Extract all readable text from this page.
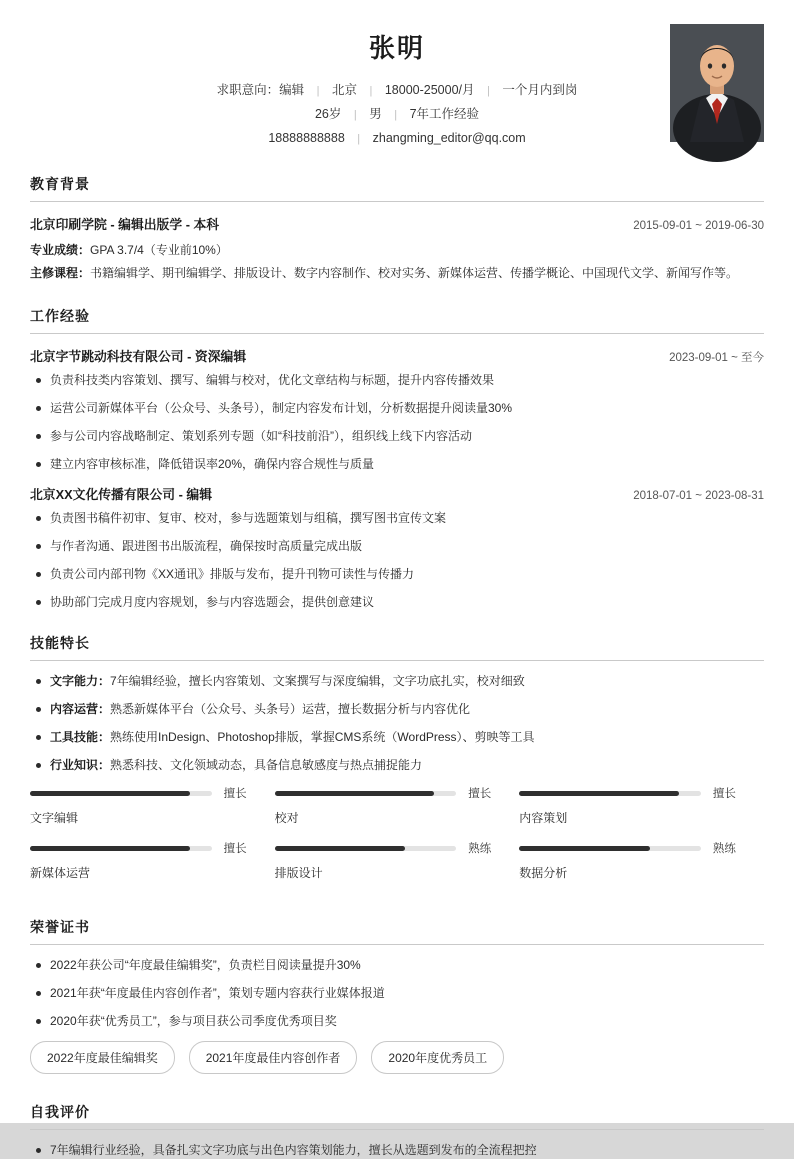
张明
求职意向：编辑 | 北京 | 18000-25000/月 | 一个月内到岗
26岁 | 男 | 7年工作经验
18888888888 | zhangming_editor@qq.com
教育背景
北京印刷学院 - 编辑出版学 - 本科	2015-09-01 ~ 2019-06-30
专业成绩：GPA 3.7/4（专业前10%）
主修课程：书籍编辑学、期刊编辑学、排版设计、数字内容制作、校对实务、新媒体运营、传播学概论、中国现代文学、新闻写作等。
工作经验
北京字节跳动科技有限公司 - 资深编辑	2023-09-01 ~ 至今
负责科技类内容策划、撰写、编辑与校对，优化文章结构与标题，提升内容传播效果
运营公司新媒体平台（公众号、头条号），制定内容发布计划，分析数据提升阅读量30%
参与公司内容战略制定、策划系列专题（如“科技前沿”），组织线上线下内容活动
建立内容审核标准，降低错误率20%，确保内容合规性与质量
北京XX文化传播有限公司 - 编辑	2018-07-01 ~ 2023-08-31
负责图书稿件初审、复审、校对，参与选题策划与组稿，撰写图书宣传文案
与作者沟通、跟进图书出版流程，确保按时高质量完成出版
负责公司内部刊物《XX通讯》排版与发布，提升刊物可读性与传播力
协助部门完成月度内容规划，参与内容选题会，提供创意建议
技能特长
文字能力：7年编辑经验，擅长内容策划、文案撰写与深度编辑，文字功底扎实，校对细致
内容运营：熟悉新媒体平台（公众号、头条号）运营，擅长数据分析与内容优化
工具技能：熟练使用InDesign、Photoshop排版，掌握CMS系统（WordPress）、剪映等工具
行业知识：熟悉科技、文化领域动态，具备信息敏感度与热点捕捉能力
擅长
文字编辑
擅长
校对
擅长
内容策划
擅长
新媒体运营
熟练
排版设计
熟练
数据分析
荣誉证书
2022年获公司“年度最佳编辑奖”，负责栏目阅读量提升30%
2021年获“年度最佳内容创作者”，策划专题内容获行业媒体报道
2020年获“优秀员工”，参与项目获公司季度优秀项目奖
2022年度最佳编辑奖	2021年度最佳内容创作者	2020年度优秀员工
自我评价
7年编辑行业经验，具备扎实文字功底与出色内容策划能力，擅长从选题到发布的全流程把控
